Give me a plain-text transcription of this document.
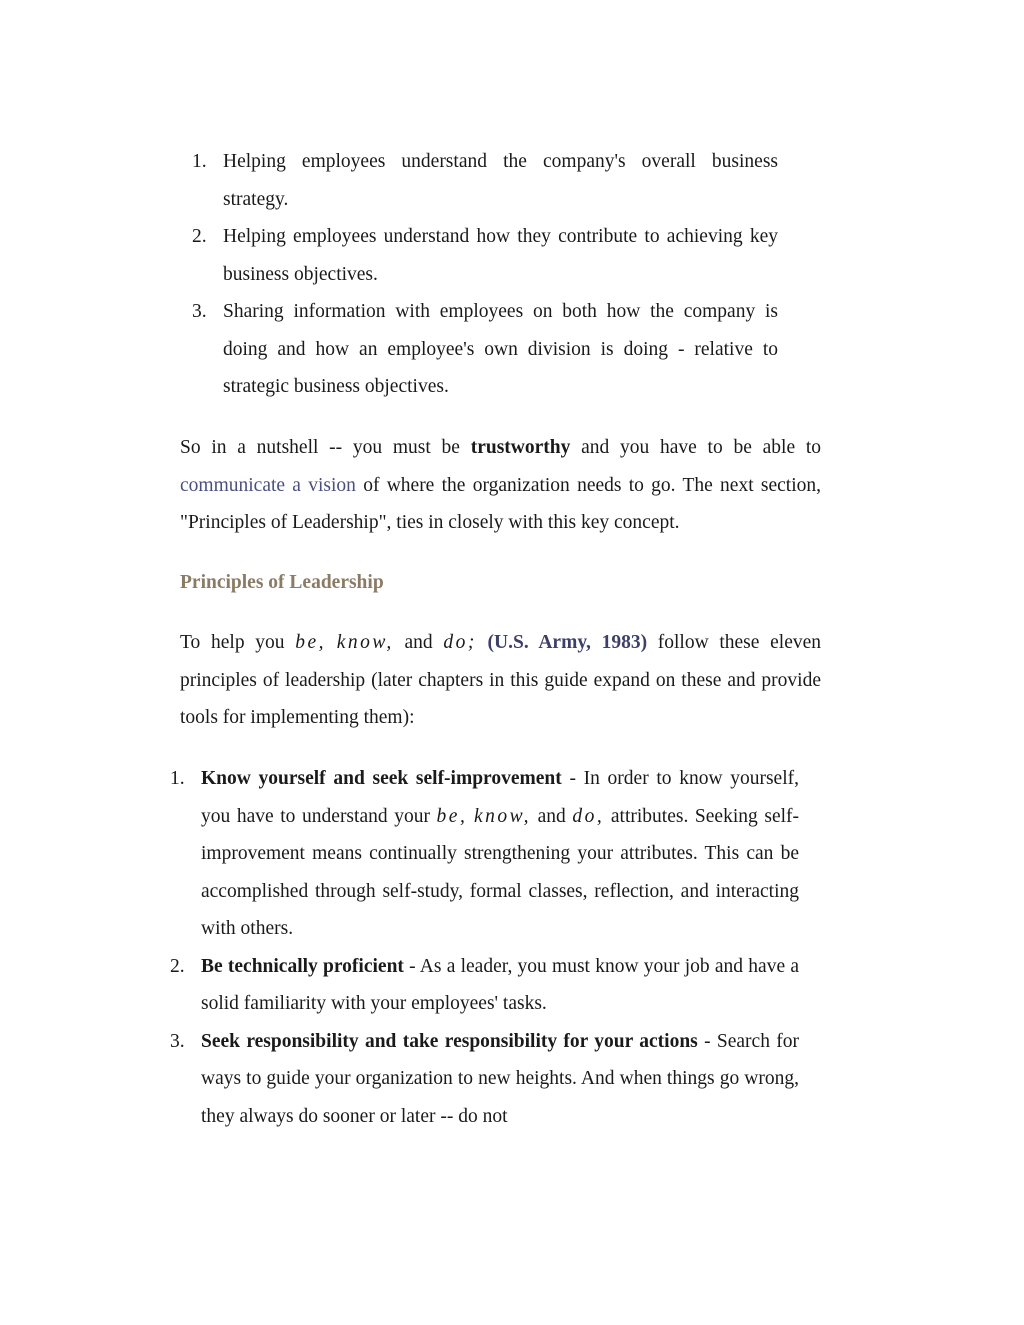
1. Helping employees understand the company's overall business strategy.
2. Helping employees understand how they contribute to achieving key business objectives.
3. Sharing information with employees on both how the company is doing and how an employee's own division is doing - relative to strategic business objectives.

So in a nutshell -- you must be trustworthy and you have to be able to communicate a vision of where the organization needs to go. The next section, "Principles of Leadership", ties in closely with this key concept.

Principles of Leadership

To help you be, know, and do; (U.S. Army, 1983) follow these eleven principles of leadership (later chapters in this guide expand on these and provide tools for implementing them):

1. Know yourself and seek self-improvement - In order to know yourself, you have to understand your be, know, and do, attributes. Seeking self-improvement means continually strengthening your attributes. This can be accomplished through self-study, formal classes, reflection, and interacting with others.
2. Be technically proficient - As a leader, you must know your job and have a solid familiarity with your employees' tasks.
3. Seek responsibility and take responsibility for your actions - Search for ways to guide your organization to new heights. And when things go wrong, they always do sooner or later -- do not
